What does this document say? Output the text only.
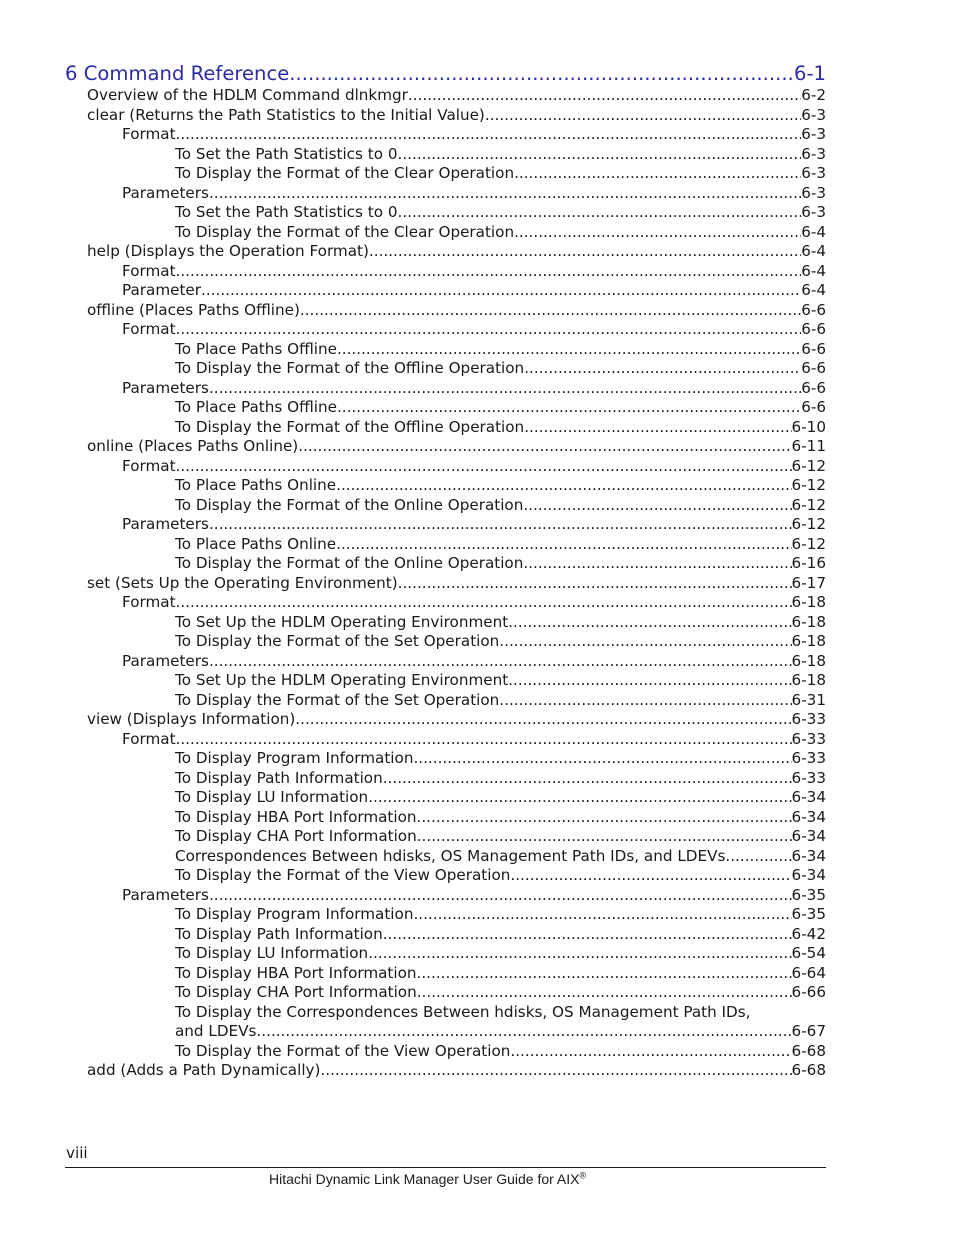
6 Command Reference .....	6-1
Overview of the HDLM Command dlnkmgr .....	6-2
clear (Returns the Path Statistics to the Initial Value) .....	6-3
Format .....	6-3
To Set the Path Statistics to 0 .....	6-3
To Display the Format of the Clear Operation .....	6-3
Parameters .....	6-3
To Set the Path Statistics to 0 .....	6-3
To Display the Format of the Clear Operation .....	6-4
help (Displays the Operation Format) .....	6-4
Format .....	6-4
Parameter .....	6-4
offline (Places Paths Offline) .....	6-6
Format .....	6-6
To Place Paths Offline .....	6-6
To Display the Format of the Offline Operation .....	6-6
Parameters .....	6-6
To Place Paths Offline .....	6-6
To Display the Format of the Offline Operation .....	6-10
online (Places Paths Online) .....	6-11
Format .....	6-12
To Place Paths Online .....	6-12
To Display the Format of the Online Operation .....	6-12
Parameters .....	6-12
To Place Paths Online .....	6-12
To Display the Format of the Online Operation .....	6-16
set (Sets Up the Operating Environment) .....	6-17
Format .....	6-18
To Set Up the HDLM Operating Environment .....	6-18
To Display the Format of the Set Operation .....	6-18
Parameters .....	6-18
To Set Up the HDLM Operating Environment .....	6-18
To Display the Format of the Set Operation .....	6-31
view (Displays Information) .....	6-33
Format .....	6-33
To Display Program Information .....	6-33
To Display Path Information .....	6-33
To Display LU Information .....	6-34
To Display HBA Port Information .....	6-34
To Display CHA Port Information .....	6-34
Correspondences Between hdisks, OS Management Path IDs, and LDEVs. .....	6-34
To Display the Format of the View Operation .....	6-34
Parameters .....	6-35
To Display Program Information .....	6-35
To Display Path Information .....	6-42
To Display LU Information .....	6-54
To Display HBA Port Information .....	6-64
To Display CHA Port Information .....	6-66
To Display the Correspondences Between hdisks, OS Management Path IDs,
and LDEVs .....	6-67
To Display the Format of the View Operation .....	6-68
add (Adds a Path Dynamically) .....	6-68
viii
Hitachi Dynamic Link Manager User Guide for AIX®
